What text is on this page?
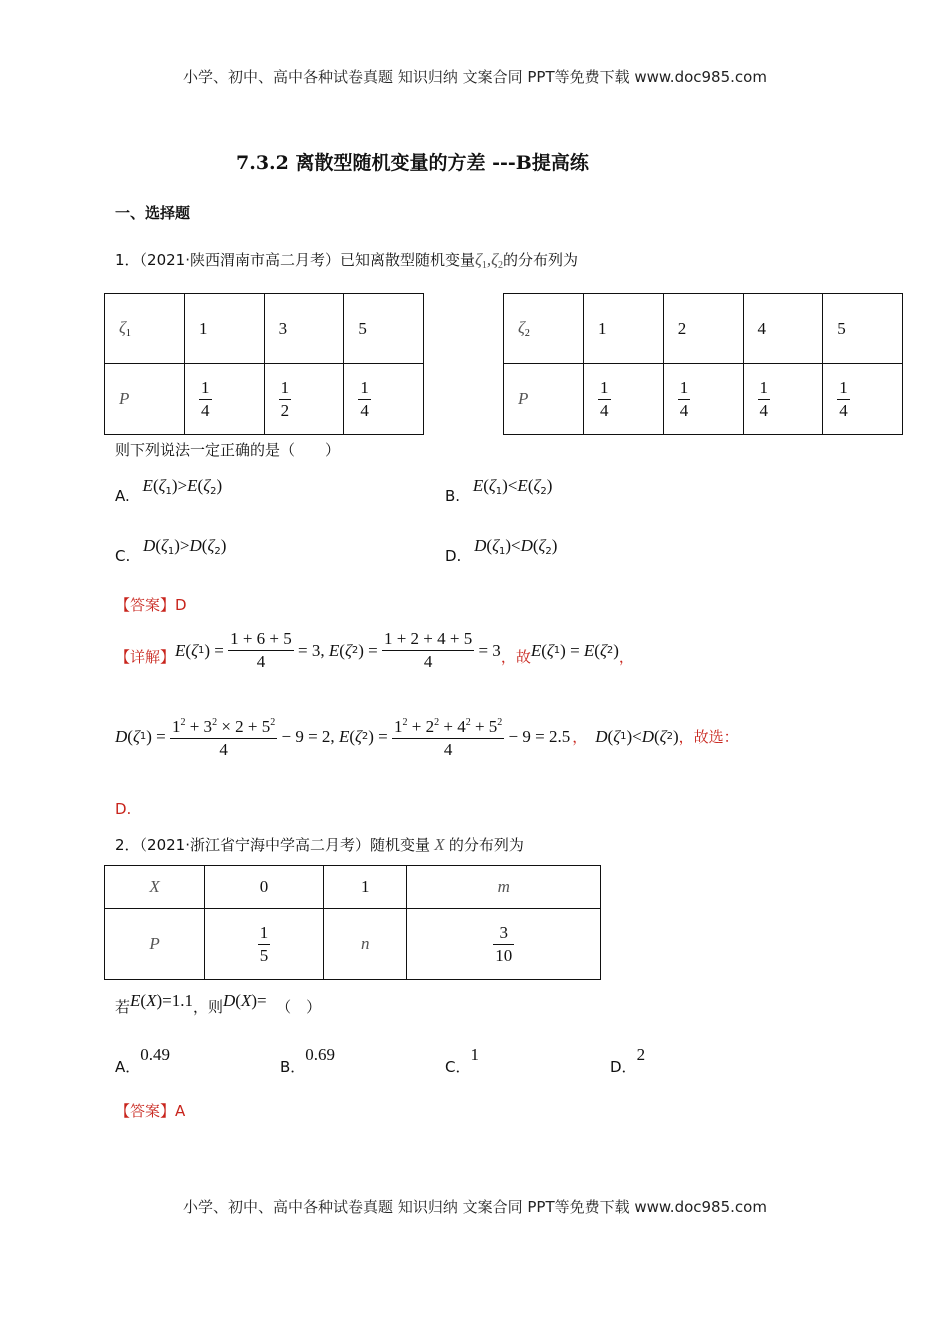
小学、初中、高中各种试卷真题 知识归纳 文案合同 PPT等免费下载 www.doc985.com
小学、初中、高中各种试卷真题 知识归纳 文案合同 PPT等免费下载 www.doc985.com
7.3.2 离散型随机变量的方差 ---B提高练
一、选择题
1．（2021·陕西渭南市高二月考）已知离散型随机变量$\zeta_1,\zeta_2$的分布列为
$\zeta_1$	1	3	5
P	$\frac{1}{4}$	$\frac{1}{2}$	$\frac{1}{4}$
$\zeta_2$	1	2	4	5
P	$\frac{1}{4}$	$\frac{1}{4}$	$\frac{1}{4}$	$\frac{1}{4}$
则下列说法一定正确的是（　　）
A. $E(\zeta_1)>E(\zeta_2)$
B. $E(\zeta_1)<E(\zeta_2)$
C. $D(\zeta_1)>D(\zeta_2)$
D. $D(\zeta_1)<D(\zeta_2)$
【答案】D
【详解】 E ( ζ 1 ) = $\frac{1 + 6 + 5}{4} = 3$, E ( ζ 2 ) = $\frac{1 + 2 + 4 + 5}{4} = 3$ ，故 E ( ζ 1 ) = E ( ζ 2 ) ，
D ( ζ 1 ) = $\frac{1^2 + 3^2 \times 2 + 5^2}{4} - 9 = 2$, E ( ζ 2 ) = $\frac{1^2 + 2^2 + 4^2 + 5^2}{4} - 9 = 2.5$ ， D ( ζ 1 )< D ( ζ 2 ) ，故选：
D.
2．（2021·浙江省宁海中学高二月考）随机变量 X 的分布列为
X	0	1	m
P	$\frac{1}{5}$	n	$\frac{3}{10}$
若E(X)=1.1，则D(X)= （　）
A．0.49
B．0.69
C．1
D．2
【答案】A
